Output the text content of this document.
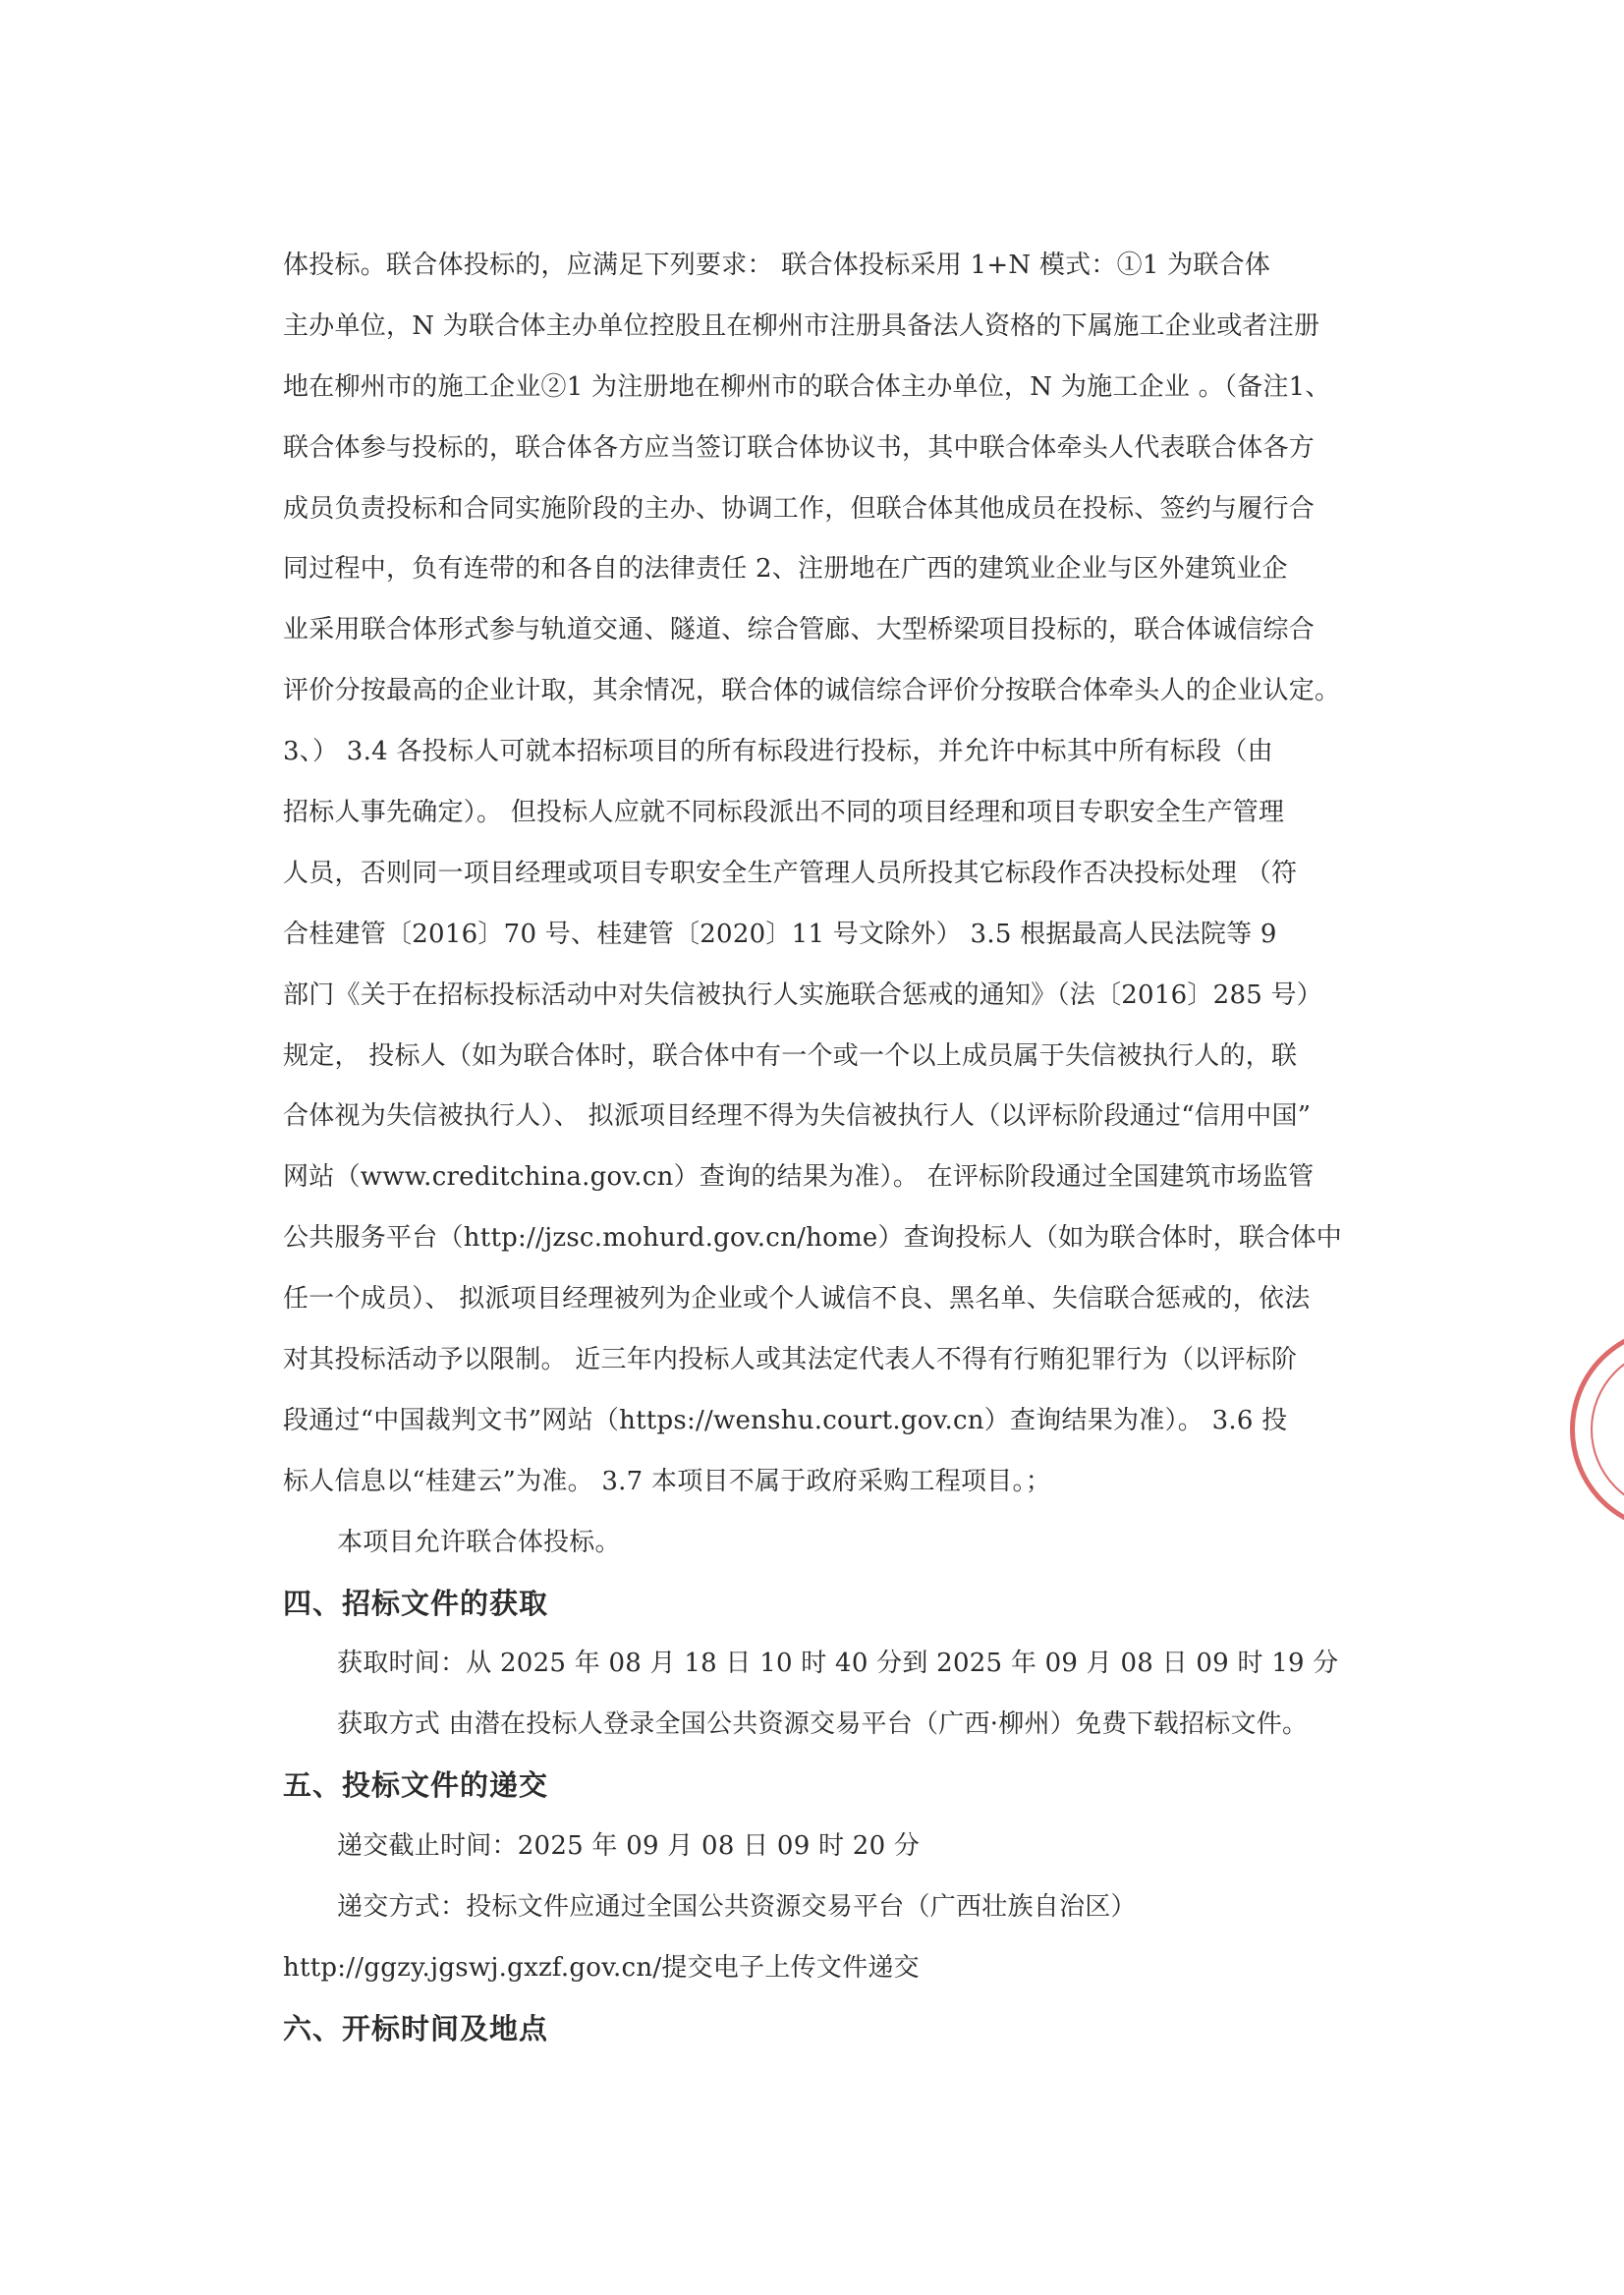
体投标。联合体投标的，应满足下列要求： 联合体投标采用 1+N 模式：①1 为联合体
主办单位，N 为联合体主办单位控股且在柳州市注册具备法人资格的下属施工企业或者注册
地在柳州市的施工企业②1 为注册地在柳州市的联合体主办单位，N 为施工企业 。（备注1、
联合体参与投标的，联合体各方应当签订联合体协议书，其中联合体牵头人代表联合体各方
成员负责投标和合同实施阶段的主办、协调工作，但联合体其他成员在投标、签约与履行合
同过程中，负有连带的和各自的法律责任 2、注册地在广西的建筑业企业与区外建筑业企
业采用联合体形式参与轨道交通、隧道、综合管廊、大型桥梁项目投标的，联合体诚信综合
评价分按最高的企业计取，其余情况，联合体的诚信综合评价分按联合体牵头人的企业认定。
3、） 3.4 各投标人可就本招标项目的所有标段进行投标，并允许中标其中所有标段（由
招标人事先确定）。 但投标人应就不同标段派出不同的项目经理和项目专职安全生产管理
人员，否则同一项目经理或项目专职安全生产管理人员所投其它标段作否决投标处理 （符
合桂建管〔2016〕70 号、桂建管〔2020〕11 号文除外） 3.5 根据最高人民法院等 9
部门《关于在招标投标活动中对失信被执行人实施联合惩戒的通知》（法〔2016〕285 号）
规定， 投标人（如为联合体时，联合体中有一个或一个以上成员属于失信被执行人的，联
合体视为失信被执行人）、 拟派项目经理不得为失信被执行人（以评标阶段通过“信用中国”
网站（www.creditchina.gov.cn）查询的结果为准）。 在评标阶段通过全国建筑市场监管
公共服务平台（http://jzsc.mohurd.gov.cn/home）查询投标人（如为联合体时，联合体中
任一个成员）、 拟派项目经理被列为企业或个人诚信不良、黑名单、失信联合惩戒的，依法
对其投标活动予以限制。 近三年内投标人或其法定代表人不得有行贿犯罪行为（以评标阶
段通过“中国裁判文书”网站（https://wenshu.court.gov.cn）查询结果为准）。 3.6 投
标人信息以“桂建云”为准。 3.7 本项目不属于政府采购工程项目。；
本项目允许联合体投标。
四、招标文件的获取
获取时间：从 2025 年 08 月 18 日 10 时 40 分到 2025 年 09 月 08 日 09 时 19 分
获取方式 由潜在投标人登录全国公共资源交易平台（广西·柳州）免费下载招标文件。
五、投标文件的递交
递交截止时间：2025 年 09 月 08 日 09 时 20 分
递交方式：投标文件应通过全国公共资源交易平台（广西壮族自治区）
http://ggzy.jgswj.gxzf.gov.cn/提交电子上传文件递交
六、开标时间及地点
